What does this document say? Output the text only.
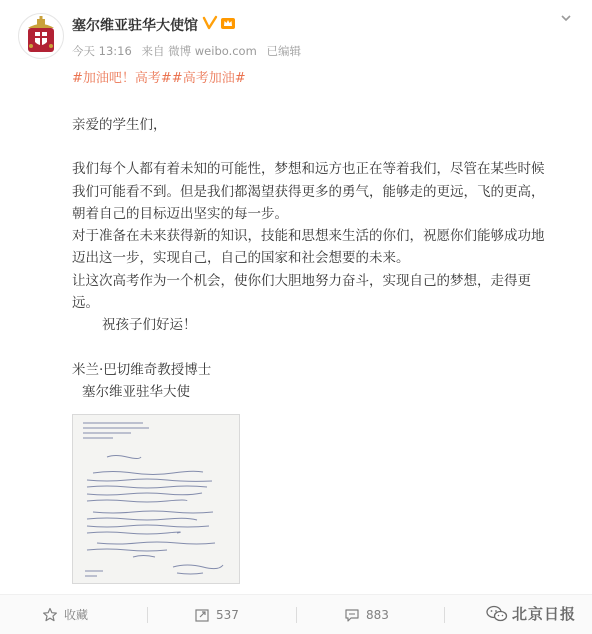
塞尔维亚驻华大使馆
今天 13:16 来自 微博 weibo.com 已编辑
#加油吧！高考##高考加油#

亲爱的学生们，

我们每个人都有着未知的可能性，梦想和远方也正在等着我们，尽管在某些时候

我们可能看不到。但是我们都渴望获得更多的勇气，能够走的更远，飞的更高，

朝着自己的目标迈出坚实的每一步。

对于准备在未来获得新的知识，技能和思想来生活的你们，祝愿你们能够成功地

迈出这一步，实现自己，自己的国家和社会想要的未来。

让这次高考作为一个机会，使你们大胆地努力奋斗，实现自己的梦想，走得更

远。

祝孩子们好运！

米兰·巴切维奇教授博士

塞尔维亚驻华大使

收藏	537	883	北京日报
